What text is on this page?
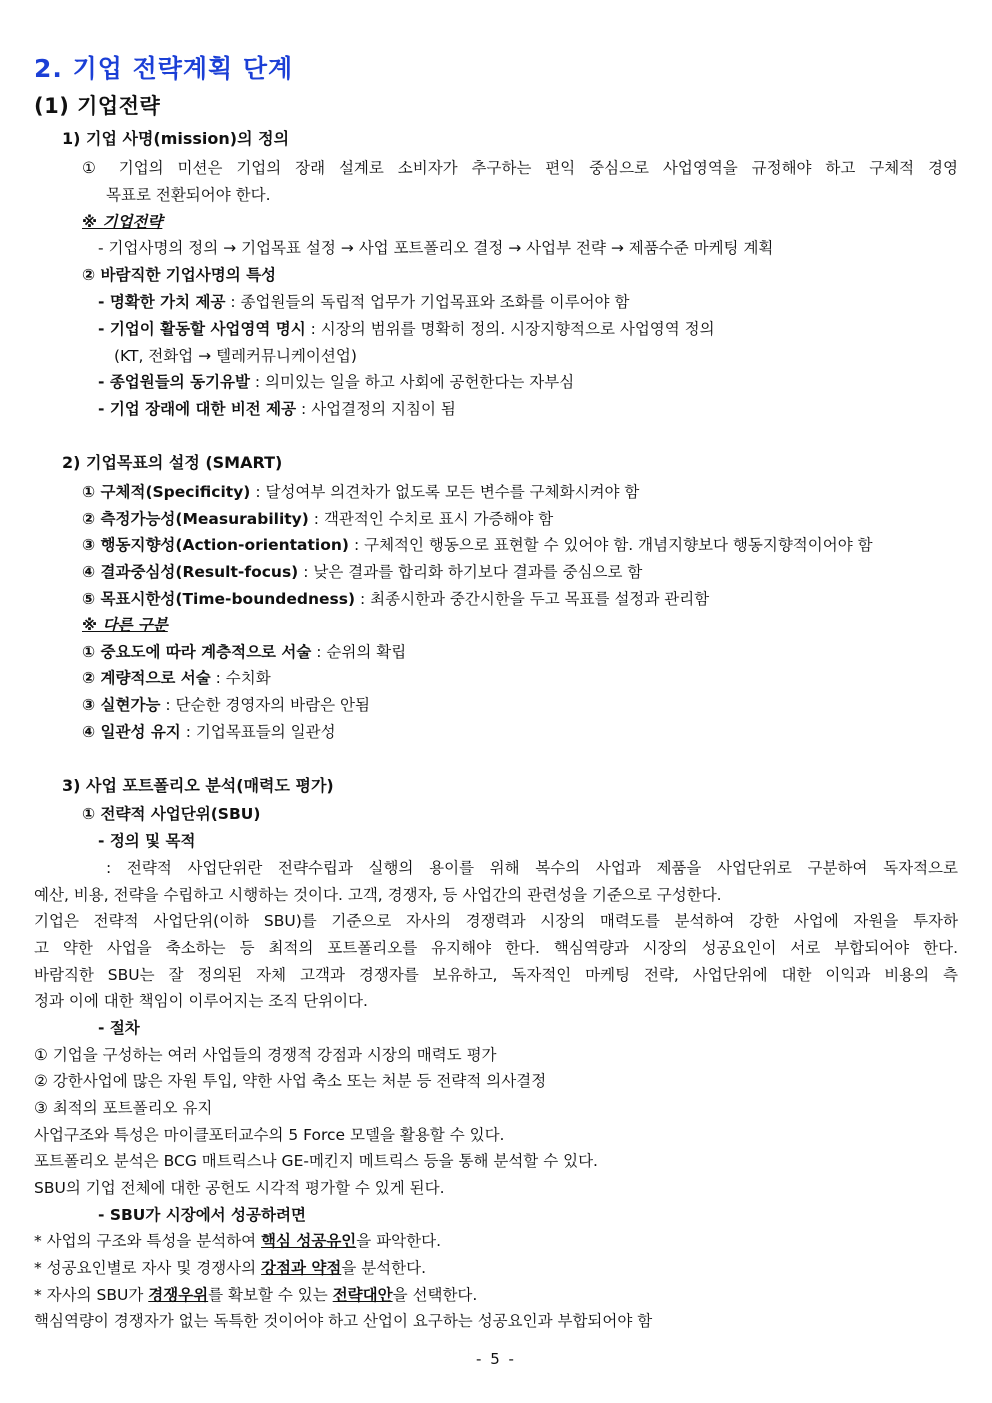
2. 기업 전략계획 단계
(1) 기업전략
1) 기업 사명(mission)의 정의
① 기업의 미션은 기업의 장래 설계로 소비자가 추구하는 편익 중심으로 사업영역을 규정해야 하고 구체적 경영
목표로 전환되어야 한다.
※ 기업전략
- 기업사명의 정의 → 기업목표 설정 → 사업 포트폴리오 결정 → 사업부 전략 → 제품수준 마케팅 계획
② 바람직한 기업사명의 특성
- 명확한 가치 제공 : 종업원들의 독립적 업무가 기업목표와 조화를 이루어야 함
- 기업이 활동할 사업영역 명시 : 시장의 범위를 명확히 정의. 시장지향적으로 사업영역 정의
(KT, 전화업 → 텔레커뮤니케이션업)
- 종업원들의 동기유발 : 의미있는 일을 하고 사회에 공헌한다는 자부심
- 기업 장래에 대한 비전 제공 : 사업결정의 지침이 됨
2) 기업목표의 설정 (SMART)
① 구체적(Specificity) : 달성여부 의견차가 없도록 모든 변수를 구체화시켜야 함
② 측정가능성(Measurability) : 객관적인 수치로 표시 가증해야 함
③ 행동지향성(Action-orientation) : 구체적인 행동으로 표현할 수 있어야 함. 개념지향보다 행동지향적이어야 함
④ 결과중심성(Result-focus) : 낮은 결과를 합리화 하기보다 결과를 중심으로 함
⑤ 목표시한성(Time-boundedness) : 최종시한과 중간시한을 두고 목표를 설정과 관리함
※ 다른 구분
① 중요도에 따라 계층적으로 서술 : 순위의 확립
② 계량적으로 서술 : 수치화
③ 실현가능 : 단순한 경영자의 바람은 안됨
④ 일관성 유지 : 기업목표들의 일관성
3) 사업 포트폴리오 분석(매력도 평가)
① 전략적 사업단위(SBU)
- 정의 및 목적
: 전략적 사업단위란 전략수립과 실행의 용이를 위해 복수의 사업과 제품을 사업단위로 구분하여 독자적으로
예산, 비용, 전략을 수립하고 시행하는 것이다. 고객, 경쟁자, 등 사업간의 관련성을 기준으로 구성한다.
기업은 전략적 사업단위(이하 SBU)를 기준으로 자사의 경쟁력과 시장의 매력도를 분석하여 강한 사업에 자원을 투자하
고 약한 사업을 축소하는 등 최적의 포트폴리오를 유지해야 한다. 핵심역량과 시장의 성공요인이 서로 부합되어야 한다.
바람직한 SBU는 잘 정의된 자체 고객과 경쟁자를 보유하고, 독자적인 마케팅 전략, 사업단위에 대한 이익과 비용의 측
정과 이에 대한 책임이 이루어지는 조직 단위이다.
- 절차
① 기업을 구성하는 여러 사업들의 경쟁적 강점과 시장의 매력도 평가
② 강한사업에 많은 자원 투입, 약한 사업 축소 또는 처분 등 전략적 의사결정
③ 최적의 포트폴리오 유지
사업구조와 특성은 마이클포터교수의 5 Force 모델을 활용할 수 있다.
포트폴리오 분석은 BCG 매트릭스나 GE-메킨지 메트릭스 등을 통해 분석할 수 있다.
SBU의 기업 전체에 대한 공헌도 시각적 평가할 수 있게 된다.
- SBU가 시장에서 성공하려면
* 사업의 구조와 특성을 분석하여 핵심 성공유인을 파악한다.
* 성공요인별로 자사 및 경쟁사의 강점과 약점을 분석한다.
* 자사의 SBU가 경쟁우위를 확보할 수 있는 전략대안을 선택한다.
핵심역량이 경쟁자가 없는 독특한 것이어야 하고 산업이 요구하는 성공요인과 부합되어야 함
- 5 -
